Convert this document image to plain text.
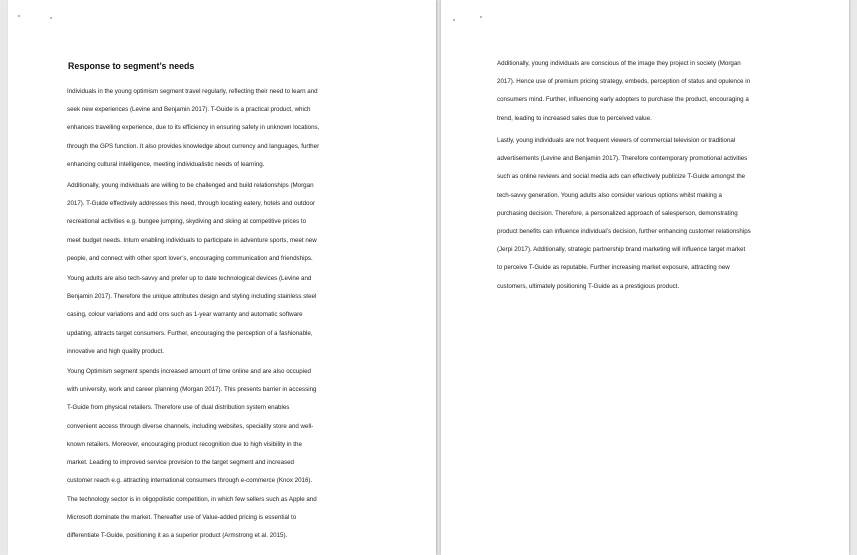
Response to segment’s needs

Individuals in the young optimism segment travel regularly, reflecting their need to learn and
seek new experiences (Levine and Benjamin 2017). T-Guide is a practical product, which
enhances travelling experience, due to its efficiency in ensuring safety in unknown locations,
through the GPS function. It also provides knowledge about currency and languages, further
enhancing cultural intelligence, meeting individualistic needs of learning.

Additionally, young individuals are willing to be challenged and build relationships (Morgan
2017). T-Guide effectively addresses this need, through locating eatery, hotels and outdoor
recreational activities e.g. bungee jumping, skydiving and skiing at competitive prices to
meet budget needs. Inturn enabling individuals to participate in adventure sports, meet new
people, and connect with other sport lover’s, encouraging communication and friendships.

Young adults are also tech-savvy and prefer up to date technological devices (Levine and
Benjamin 2017). Therefore the unique attributes design and styling including stainless steel
casing, colour variations and add ons such as 1-year warranty and automatic software
updating, attracts target consumers. Further, encouraging the perception of a fashionable,
innovative and high quality product.

Young Optimism segment spends increased amount of time online and are also occupied
with university, work and career planning (Morgan 2017). This presents barrier in accessing
T-Guide from physical retailers. Therefore use of dual distribution system enables
convenient access through diverse channels, including websites, speciality store and well-
known retailers. Moreover, encouraging product recognition due to high visibility in the
market. Leading to improved service provision to the target segment and increased
customer reach e.g. attracting international consumers through e-commerce (Knox 2016).

The technology sector is in oligopolistic competition, in which few sellers such as Apple and
Microsoft dominate the market. Thereafter use of Value-added pricing is essential to
differentiate T-Guide, positioning it as a superior product (Armstrong et al. 2015).

Additionally, young individuals are conscious of the image they project in society (Morgan
2017). Hence use of premium pricing strategy, embeds, perception of status and opulence in
consumers mind. Further, influencing early adopters to purchase the product, encouraging a
trend, leading to increased sales due to perceived value.

Lastly, young individuals are not frequent viewers of commercial television or traditional
advertisements (Levine and Benjamin 2017). Therefore contemporary promotional activities
such as online reviews and social media ads can effectively publicize T-Guide amongst the
tech-savvy generation. Young adults also consider various options whilst making a
purchasing decision. Therefore, a personalized approach of salesperson, demonstrating
product benefits can influence individual’s decision, further enhancing customer relationships
(Jerpi 2017). Additionally, strategic partnership brand marketing will influence target market
to perceive T-Guide as reputable. Further increasing market exposure, attracting new
customers, ultimately positioning T-Guide as a prestigious product.
